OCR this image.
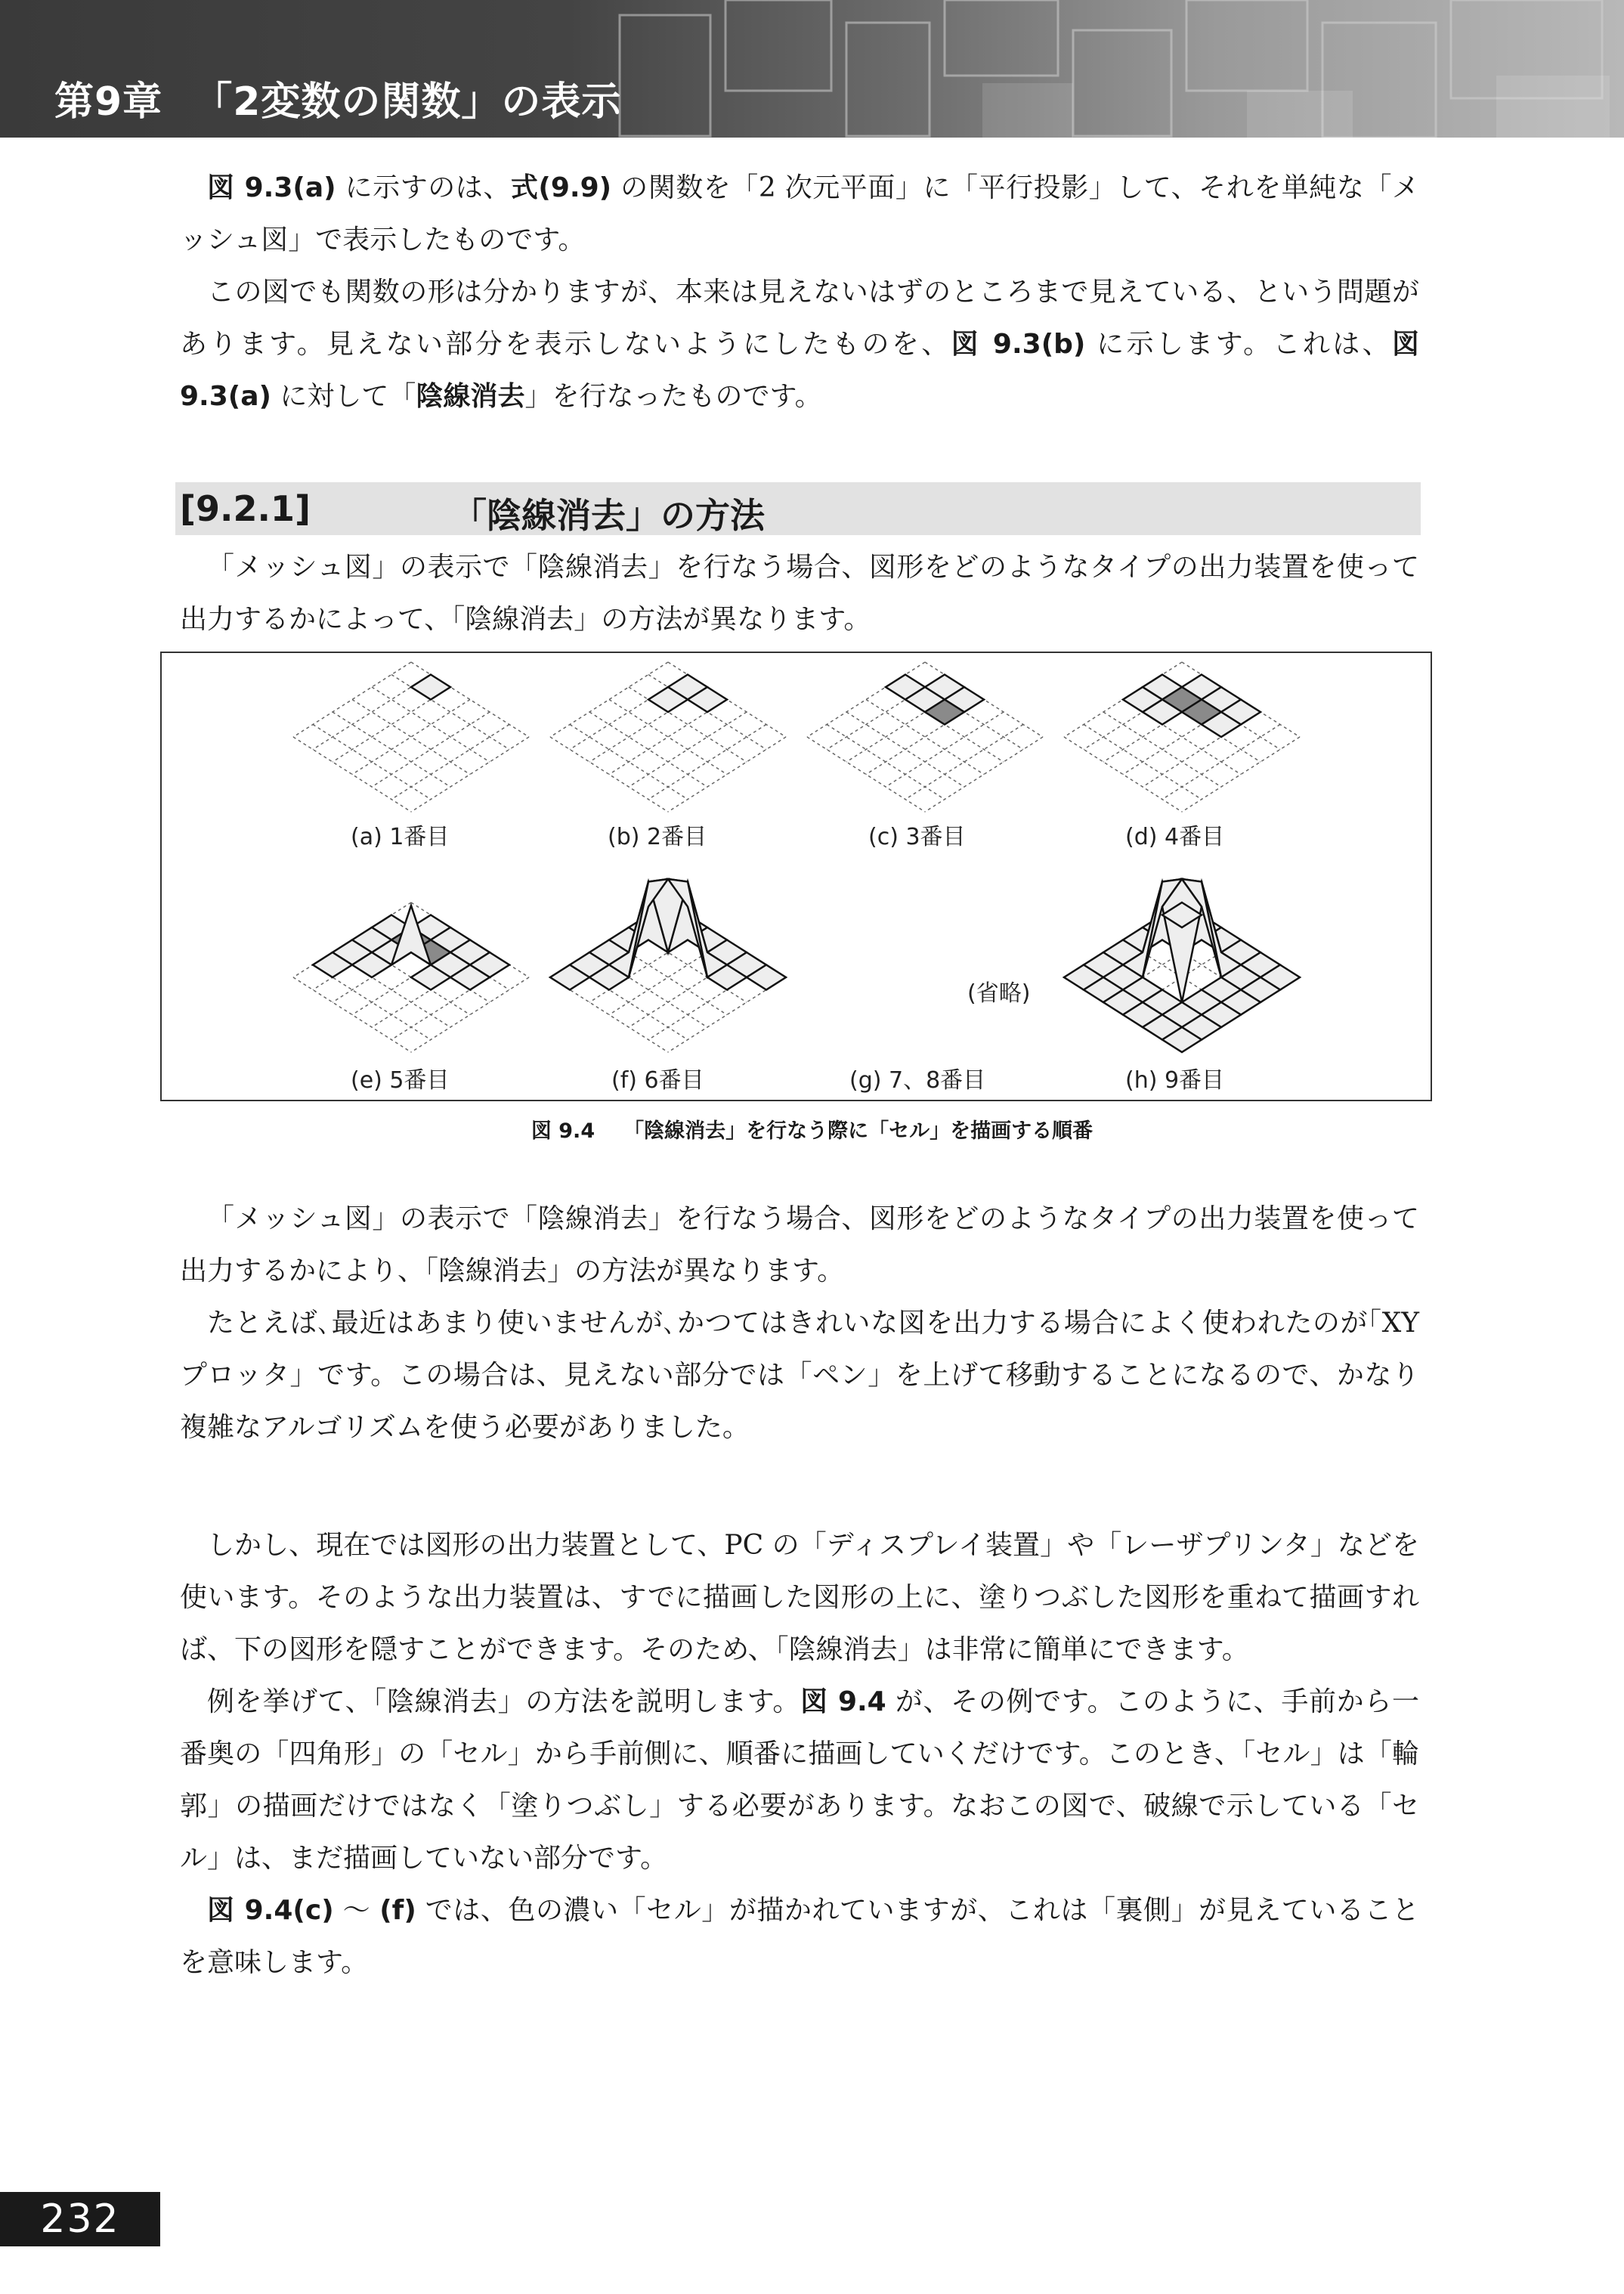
第9章 「2変数の関数」の表示

図 9.3(a) に示すのは、式(9.9) の関数を「2 次元平面」に「平行投影」して、それを単純な「メッシュ図」で表示したものです。

この図でも関数の形は分かりますが、本来は見えないはずのところまで見えている、という問題があります。見えない部分を表示しないようにしたものを、図 9.3(b) に示します。これは、図 9.3(a) に対して「陰線消去」を行なったものです。

[9.2.1]	「陰線消去」の方法

「メッシュ図」の表示で「陰線消去」を行なう場合、図形をどのようなタイプの出力装置を使って出力するかによって、「陰線消去」の方法が異なります。

(a) 1番目	(b) 2番目	(c) 3番目	(d) 4番目
(省略)
(e) 5番目	(f) 6番目	(g) 7、8番目	(h) 9番目
図 9.4 「陰線消去」を行なう際に「セル」を描画する順番

「メッシュ図」の表示で「陰線消去」を行なう場合、図形をどのようなタイプの出力装置を使って出力するかにより、「陰線消去」の方法が異なります。

たとえば､最近はあまり使いませんが､かつてはきれいな図を出力する場合によく使われたのが｢XY プロッタ」です。この場合は、見えない部分では「ペン」を上げて移動することになるので、かなり複雑なアルゴリズムを使う必要がありました。

しかし、現在では図形の出力装置として、PC の「ディスプレイ装置」や「レーザプリンタ」などを使います。そのような出力装置は、すでに描画した図形の上に、塗りつぶした図形を重ねて描画すれば、下の図形を隠すことができます。そのため、「陰線消去」は非常に簡単にできます。

例を挙げて、「陰線消去」の方法を説明します。図 9.4 が、その例です。このように、手前から一番奥の「四角形」の「セル」から手前側に、順番に描画していくだけです。このとき、「セル」は「輪郭」の描画だけではなく「塗りつぶし」する必要があります。なおこの図で、破線で示している「セル」は、まだ描画していない部分です。

図 9.4(c) ～ (f) では、色の濃い「セル」が描かれていますが、これは「裏側」が見えていることを意味します。

232
